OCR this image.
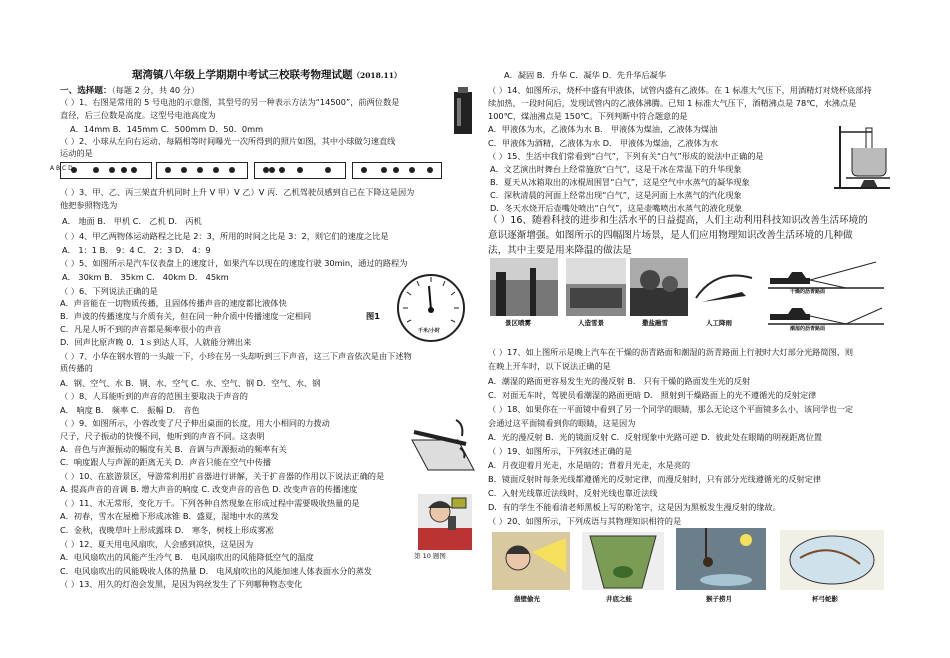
琚湾镇八年级上学期期中考试三校联考物理试题（2018.11）
一、选择题：（每题 2 分，共 40 分）
（ ）1、右图是常用的 5 号电池的示意图，其型号的另一种表示方法为“14500”，前两位数是
直径，后三位数是高度。这型号电池高度为
A．14mm B．145mm C．500mm D．50．0mm
（ ）2、小球从左向右运动，每隔相等时间曝光一次所得到的照片如图，其中小球做匀速直线
运动的是
A B C D
（ ）3、甲、乙、丙三架直升机同时上升 V 甲）V 乙）V 丙．乙机驾驶员感到自己在下降这是因为
他把参照物选为
A． 地面 B． 甲机 C． 乙机 D． 丙机
（ ）4、甲乙两物体运动路程之比是 2：3，所用的时间之比是 3：2，则它们的速度之比是
A． 1：1 B． 9：4 C． 2：3 D． 4：9
（ ）5、如图所示是汽车仪表盘上的速度计，如果汽车以现在的速度行驶 30min，通过的路程为
A． 30km B． 35km C． 40km D． 45km
（ ）6、下列说法正确的是
A．声音能在一切物质传播，且固体传播声音的速度都比液体快
B．声波的传播速度与介质有关，但在同一种介质中传播速度一定相同
C．凡是人听不到的声音都是频率很小的声音
D．回声比原声晚 0．1ｓ到达人耳，人就能分辨出来
（ ）7、小华在钢水管的一头敲一下，小珍在另一头却听到三下声音，这三下声音依次是由下述物
质传播的
A．钢、空气、水 B．钢、水、空气 C．水、空气、钢 D．空气、水、钢
（ ）8、人耳能听到的声音的范围主要取决于声音的
A． 响度 B． 频率 C． 振幅 D． 音色
（ ）9、如图所示，小蓉改变了尺子伸出桌面的长度，用大小相同的力拨动
尺子，尺子振动的快慢不同，他听到的声音不同。这表明
A．音色与声源振动的幅度有关 B．音调与声源振动的频率有关
C．响度跟人与声源的距离无关 D．声音只能在空气中传播
（ ）10、在旅游景区，导游常利用扩音器进行讲解，关于扩音器的作用以下说法正确的是
A. 提高声音的音调 B. 增大声音的响度 C. 改变声音的音色 D. 改变声音的传播速度
（ ）11、水无常形，变化万千。下列各种自然现象在形成过程中需要吸收热量的是
A．初春，雪水在屋檐下形成冰锥 B．盛夏，湿地中水的蒸发
C．金秋，夜晚草叶上形成露珠 D． 寒冬，树枝上形成雾凇
（ ）12、夏天用电风扇吹，人会感到凉快，这是因为
A．电风扇吹出的风能产生冷气 B． 电风扇吹出的风能降低空气的温度
C．电风扇吹出的风能吸收人体的热量 D． 电风扇吹出的风能加速人体表面水分的蒸发
（ ）13、用久的灯泡会发黑，是因为钨丝发生了下列哪种物态变化
千米/小时
图1
第 10 题图
A．凝固 B．升华 C．凝华 D．先升华后凝华
（ ）14、如图所示，烧杯中盛有甲液体，试管内盛有乙液体。在 1 标准大气压下，用酒精灯对烧杯底部持
续加热，一段时间后，发现试管内的乙液体沸腾。已知 1 标准大气压下，酒精沸点是 78℃，水沸点是
100℃，煤油沸点是 150℃。下列判断中符合题意的是
A．甲液体为水，乙液体为水 B． 甲液体为煤油，乙液体为煤油
C．甲液体为酒精，乙液体为水 D． 甲液体为煤油，乙液体为水
（ ）15、生活中我们常看到“白气”，下列有关“白气”形成的说法中正确的是
A．文艺演出时舞台上经常施放“白气”，这是干冰在常温下的升华现象
B．夏天从冰箱取出的冰棍周围冒“白气”，这是空气中水蒸气的凝华现象
C．深秋清晨的河面上经常出现“白气”，这是河面上水蒸气的汽化现象
D．冬天水烧开后壶嘴处喷出“白气”，这是壶嘴喷出水蒸气的液化现象
（ ）16、随着科技的进步和生活水平的日益提高，人们主动利用科技知识改善生活环境的
意识逐渐增强。如图所示的四幅图片场景，是人们应用物理知识改善生活环境的几种做
法，其中主要是用来降温的做法是
（ ）17、如上图所示是晚上汽车在干燥的沥青路面和潮湿的沥青路面上行驶时大灯部分光路简图，则
在晚上开车时，以下说法正确的是
A．潮湿的路面更容易发生光的漫反射 B． 只有干燥的路面发生光的反射
C．对面无车时，驾驶员看潮湿的路面更暗 D． 照射到干燥路面上的光不遵循光的反射定律
（ ）18、如果你在一平面镜中看到了另一个同学的眼睛，那么无论这个平面镜多么小，该同学也一定
会通过这平面镜看到你的眼睛，这是因为
A．光的漫反射 B．光的镜面反射 C．反射现象中光路可逆 D．彼此处在眼睛的明视距离位置
（ ）19、如图所示，下列叙述正确的是
A．月夜迎着月光走，水是暗的；背着月光走，水是亮的
B．镜面反射时每条光线都遵循光的反射定律，而漫反射时，只有部分光线遵循光的反射定律
C．入射光线靠近法线时，反射光线也靠近法线
D．有的学生不能看清老师黑板上写的粉笔字，这是因为黑板发生漫反射的缘故。
（ ）20、如图所示，下列成语与其物理知识相符的是
景区喷雾	人造雪景	撒盐融雪	人工降雨
干燥的沥青路面
潮湿的沥青路面
凿壁偷光	井底之蛙	猴子捞月	杯弓蛇影
